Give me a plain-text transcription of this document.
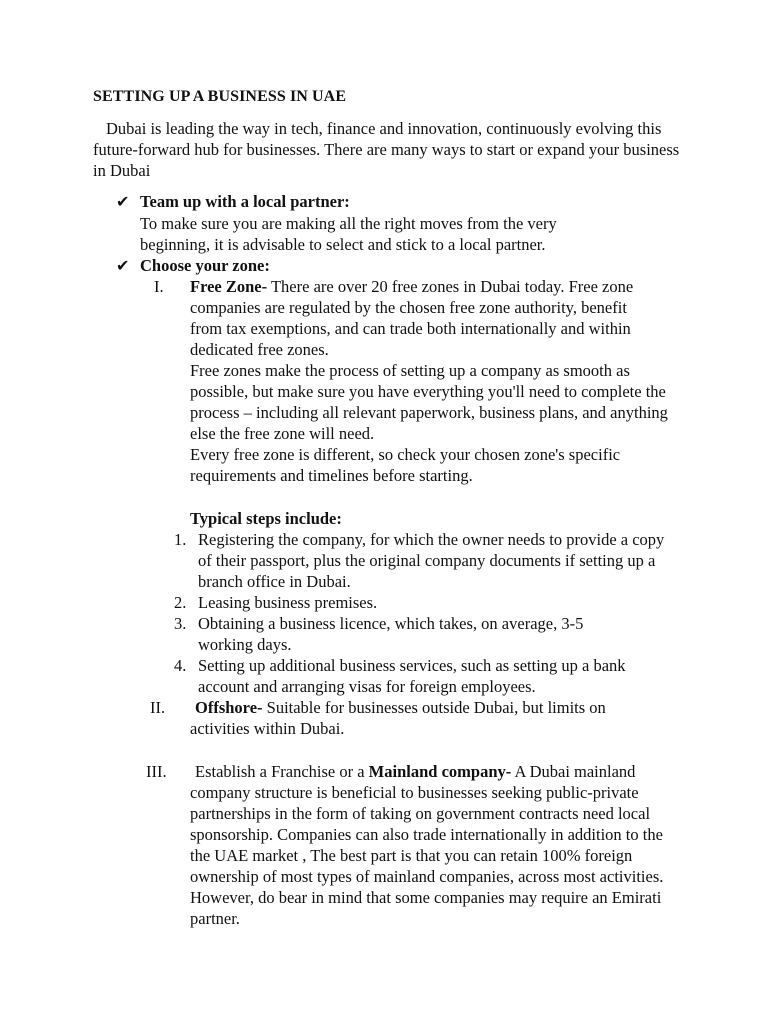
SETTING UP A BUSINESS IN UAE
Dubai is leading the way in tech, finance and innovation, continuously evolving this future-forward hub for businesses. There are many ways to start or expand your business in Dubai
✔ Team up with a local partner:
To make sure you are making all the right moves from the very beginning, it is advisable to select and stick to a local partner.
✔ Choose your zone:
I. Free Zone- There are over 20 free zones in Dubai today. Free zone companies are regulated by the chosen free zone authority, benefit from tax exemptions, and can trade both internationally and within dedicated free zones.
Free zones make the process of setting up a company as smooth as possible, but make sure you have everything you'll need to complete the process – including all relevant paperwork, business plans, and anything else the free zone will need.
Every free zone is different, so check your chosen zone's specific requirements and timelines before starting.
Typical steps include:
1. Registering the company, for which the owner needs to provide a copy of their passport, plus the original company documents if setting up a branch office in Dubai.
2. Leasing business premises.
3. Obtaining a business licence, which takes, on average, 3-5 working days.
4. Setting up additional business services, such as setting up a bank account and arranging visas for foreign employees.
II.	Offshore- Suitable for businesses outside Dubai, but limits on activities within Dubai.
III.	Establish a Franchise or a Mainland company- A Dubai mainland company structure is beneficial to businesses seeking public-private partnerships in the form of taking on government contracts need local sponsorship. Companies can also trade internationally in addition to the the UAE market , The best part is that you can retain 100% foreign ownership of most types of mainland companies, across most activities. However, do bear in mind that some companies may require an Emirati partner.
